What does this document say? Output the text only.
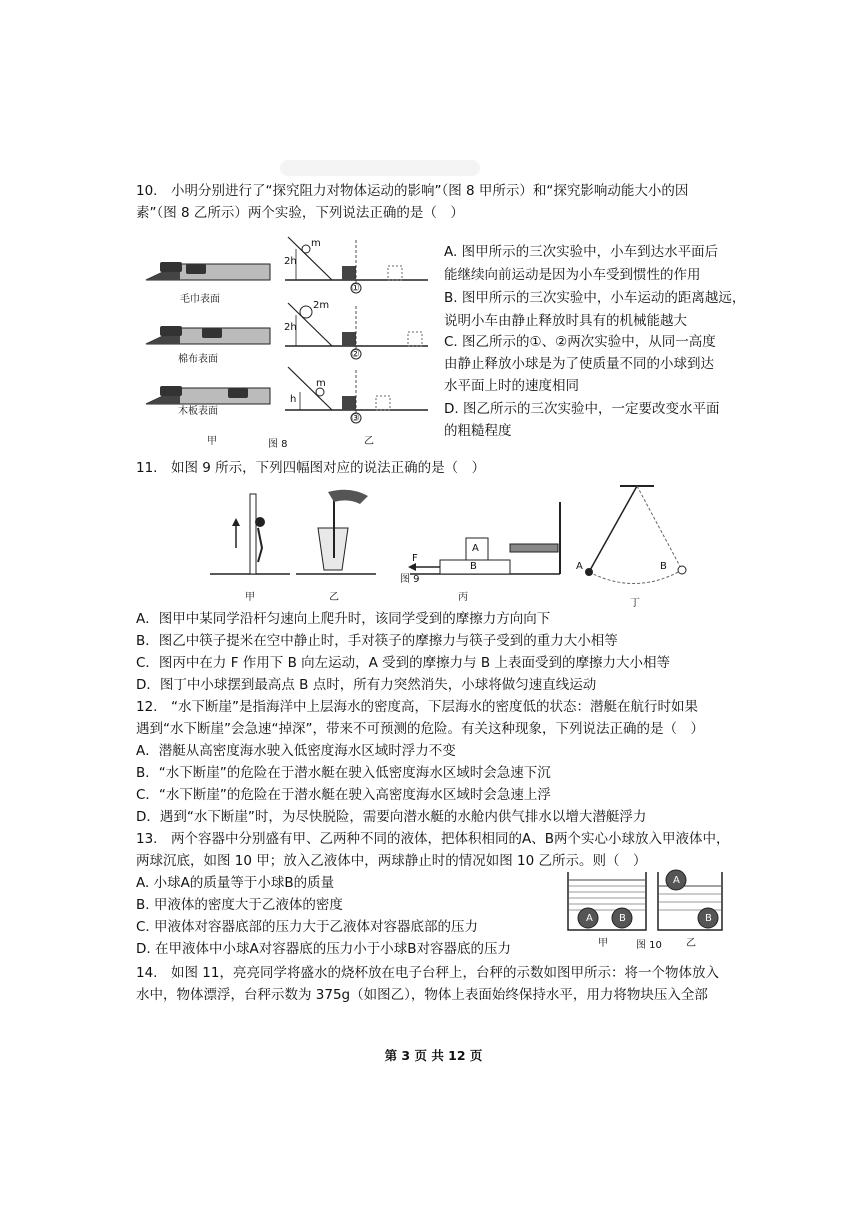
10.　小明分别进行了“探究阻力对物体运动的影响”（图 8 甲所示）和“探究影响动能大小的因
素”（图 8 乙所示）两个实验，下列说法正确的是（　）
A. 图甲所示的三次实验中，小车到达水平面后
能继续向前运动是因为小车受到惯性的作用
B. 图甲所示的三次实验中，小车运动的距离越远，
说明小车由静止释放时具有的机械能越大
C. 图乙所示的①、②两次实验中，从同一高度
由静止释放小球是为了使质量不同的小球到达
水平面上时的速度相同
D. 图乙所示的三次实验中，一定要改变水平面
的粗糙程度
毛巾表面
棉布表面
木板表面
甲	图 8
2h
2h
h
m
2m
m
①
②
③
乙
11.　如图 9 所示，下列四幅图对应的说法正确的是（　）
甲	乙	丙
丁
图 9
F
A
B	A	B
A．图甲中某同学沿杆匀速向上爬升时，该同学受到的摩擦力方向向下
B．图乙中筷子提米在空中静止时，手对筷子的摩擦力与筷子受到的重力大小相等
C．图丙中在力 F 作用下 B 向左运动，A 受到的摩擦力与 B 上表面受到的摩擦力大小相等
D．图丁中小球摆到最高点 B 点时，所有力突然消失，小球将做匀速直线运动
12.　“水下断崖”是指海洋中上层海水的密度高，下层海水的密度低的状态：潜艇在航行时如果
遇到“水下断崖”会急速“掉深”，带来不可预测的危险。有关这种现象，下列说法正确的是（　）
A．潜艇从高密度海水驶入低密度海水区域时浮力不变
B．“水下断崖”的危险在于潜水艇在驶入低密度海水区域时会急速下沉
C．“水下断崖”的危险在于潜水艇在驶入高密度海水区域时会急速上浮
D．遇到“水下断崖”时，为尽快脱险，需要向潜水艇的水舱内供气排水以增大潜艇浮力
13.　两个容器中分别盛有甲、乙两种不同的液体，把体积相同的A、B两个实心小球放入甲液体中，
两球沉底，如图 10 甲；放入乙液体中，两球静止时的情况如图 10 乙所示。则（　）
A. 小球A的质量等于小球B的质量
B. 甲液体的密度大于乙液体的密度
C. 甲液体对容器底部的压力大于乙液体对容器底部的压力
D. 在甲液体中小球A对容器底的压力小于小球B对容器底的压力
A	B
A
B
甲	图 10 乙
14.　如图 11，亮亮同学将盛水的烧杯放在电子台秤上，台秤的示数如图甲所示：将一个物体放入
水中，物体漂浮，台秤示数为 375g（如图乙），物体上表面始终保持水平，用力将物块压入全部
第 3 页 共 12 页
